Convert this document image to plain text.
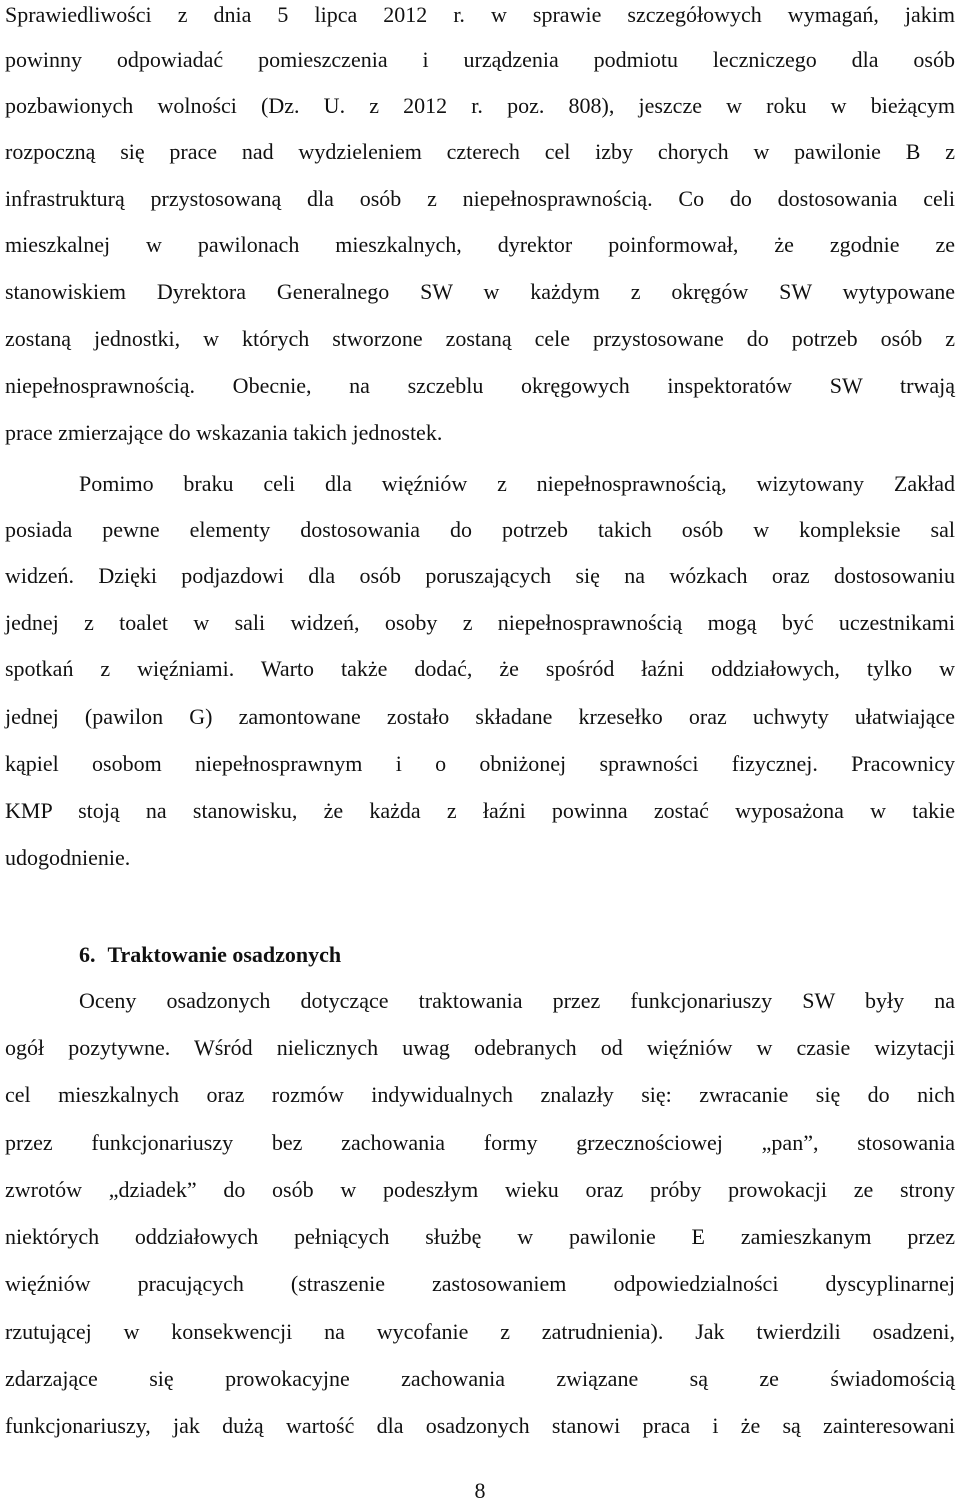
Sprawiedliwości z dnia 5 lipca 2012 r. w sprawie szczegółowych wymagań, jakim
powinny odpowiadać pomieszczenia i urządzenia podmiotu leczniczego dla osób
pozbawionych wolności (Dz. U. z 2012 r. poz. 808), jeszcze w roku w bieżącym
rozpoczną się prace nad wydzieleniem czterech cel izby chorych w pawilonie B z
infrastrukturą przystosowaną dla osób z niepełnosprawnością. Co do dostosowania celi
mieszkalnej w pawilonach mieszkalnych, dyrektor poinformował, że zgodnie ze
stanowiskiem Dyrektora Generalnego SW w każdym z okręgów SW wytypowane
zostaną jednostki, w których stworzone zostaną cele przystosowane do potrzeb osób z
niepełnosprawnością. Obecnie, na szczeblu okręgowych inspektoratów SW trwają
prace zmierzające do wskazania takich jednostek.
Pomimo braku celi dla więźniów z niepełnosprawnością, wizytowany Zakład
posiada pewne elementy dostosowania do potrzeb takich osób w kompleksie sal
widzeń. Dzięki podjazdowi dla osób poruszających się na wózkach oraz dostosowaniu
jednej z toalet w sali widzeń, osoby z niepełnosprawnością mogą być uczestnikami
spotkań z więźniami. Warto także dodać, że spośród łaźni oddziałowych, tylko w
jednej (pawilon G) zamontowane zostało składane krzesełko oraz uchwyty ułatwiające
kąpiel osobom niepełnosprawnym i o obniżonej sprawności fizycznej. Pracownicy
KMP stoją na stanowisku, że każda z łaźni powinna zostać wyposażona w takie
udogodnienie.
6. Traktowanie osadzonych
Oceny osadzonych dotyczące traktowania przez funkcjonariuszy SW były na
ogół pozytywne. Wśród nielicznych uwag odebranych od więźniów w czasie wizytacji
cel mieszkalnych oraz rozmów indywidualnych znalazły się: zwracanie się do nich
przez funkcjonariuszy bez zachowania formy grzecznościowej „pan”, stosowania
zwrotów „dziadek” do osób w podeszłym wieku oraz próby prowokacji ze strony
niektórych oddziałowych pełniących służbę w pawilonie E zamieszkanym przez
więźniów pracujących (straszenie zastosowaniem odpowiedzialności dyscyplinarnej
rzutującej w konsekwencji na wycofanie z zatrudnienia). Jak twierdzili osadzeni,
zdarzające się prowokacyjne zachowania związane są ze świadomością
funkcjonariuszy, jak dużą wartość dla osadzonych stanowi praca i że są zainteresowani
8
